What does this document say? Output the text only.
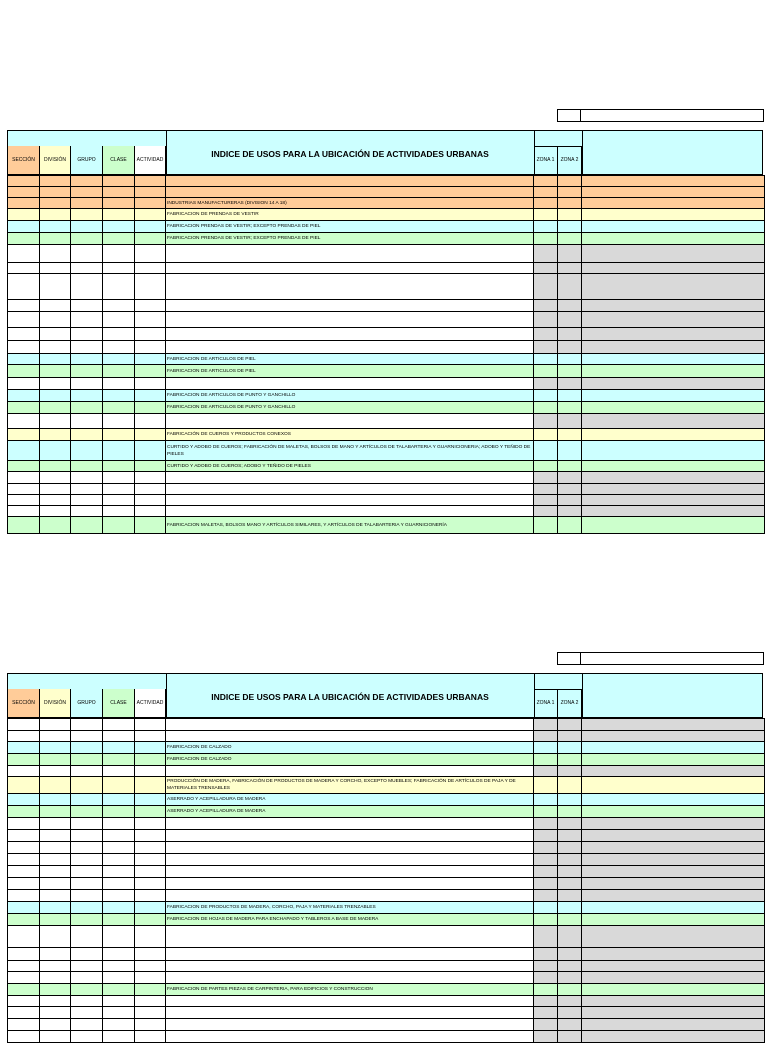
INDICE DE USOS PARA LA UBICACIÓN DE ACTIVIDADES URBANAS
SECCIÓN	DIVISIÓN	GRUPO	CLASE	ACTIVIDAD	ZONA 1	ZONA 2

					INDUSTRIAS MANUFACTURERAS (DIVISION 14 A 18)			
					FABRICACION DE PRENDAS DE VESTIR			
					FABRICACION PRENDAS DE VESTIR; EXCEPTO PRENDAS DE PIEL			
					FABRICACION PRENDAS DE VESTIR; EXCEPTO PRENDAS DE PIEL			

					FABRICACION DE ARTICULOS DE PIEL			
					FABRICACION DE ARTICULOS DE PIEL			

					FABRICACION DE ARTICULOS DE PUNTO Y GANCHILLO			
					FABRICACION DE ARTICULOS DE PUNTO Y GANCHILLO			

					FABRICACIÓN DE CUEROS Y PRODUCTOS CONEXOS			
					CURTIDO Y ADOBO DE CUEROS; FABRICACIÓN DE MALETAS, BOLSOS DE MANO Y ARTÍCULOS DE TALABARTERIA Y GUARNICIONERIA; ADOBO Y TEÑIDO DE PIELES			
					CURTIDO Y ADOBO DE CUEROS; ADOBO Y TEÑIDO DE PIELES			

					FABRICACION MALETAS, BOLSOS MANO Y ARTÍCULOS SIMILARES, Y ARTÍCULOS DE TALABARTERIA Y GUARNICIONERÍA			
INDICE DE USOS PARA LA UBICACIÓN DE ACTIVIDADES URBANAS
SECCIÓN	DIVISIÓN	GRUPO	CLASE	ACTIVIDAD	ZONA 1	ZONA 2

					FABRICACION DE CALZADO			
					FABRICACION DE CALZADO			

					PRODUCCIÓN DE MADERA, FABRICACIÓN DE PRODUCTOS DE MADERA Y CORCHO, EXCEPTO MUEBLES; FABRICACIÓN DE ARTÍCULOS DE PAJA Y DE MATERIALES TRENSABLES			
					ASERRADO Y ACEPILLADURA DE MADERA			
					ASERRADO Y ACEPILLADURA DE MADERA			

					FABRICACION DE PRODUCTOS DE MADERA, CORCHO, PAJA Y MATERIALES TRENZABLES			
					FABRICACION DE HOJAS DE MADERA PARA ENCHAPADO Y TABLEROS A BASE DE MADERA			

					FABRICACION DE PARTES PIEZAS DE CARPINTERIA, PARA EDIFICIOS Y CONSTRUCCION			
